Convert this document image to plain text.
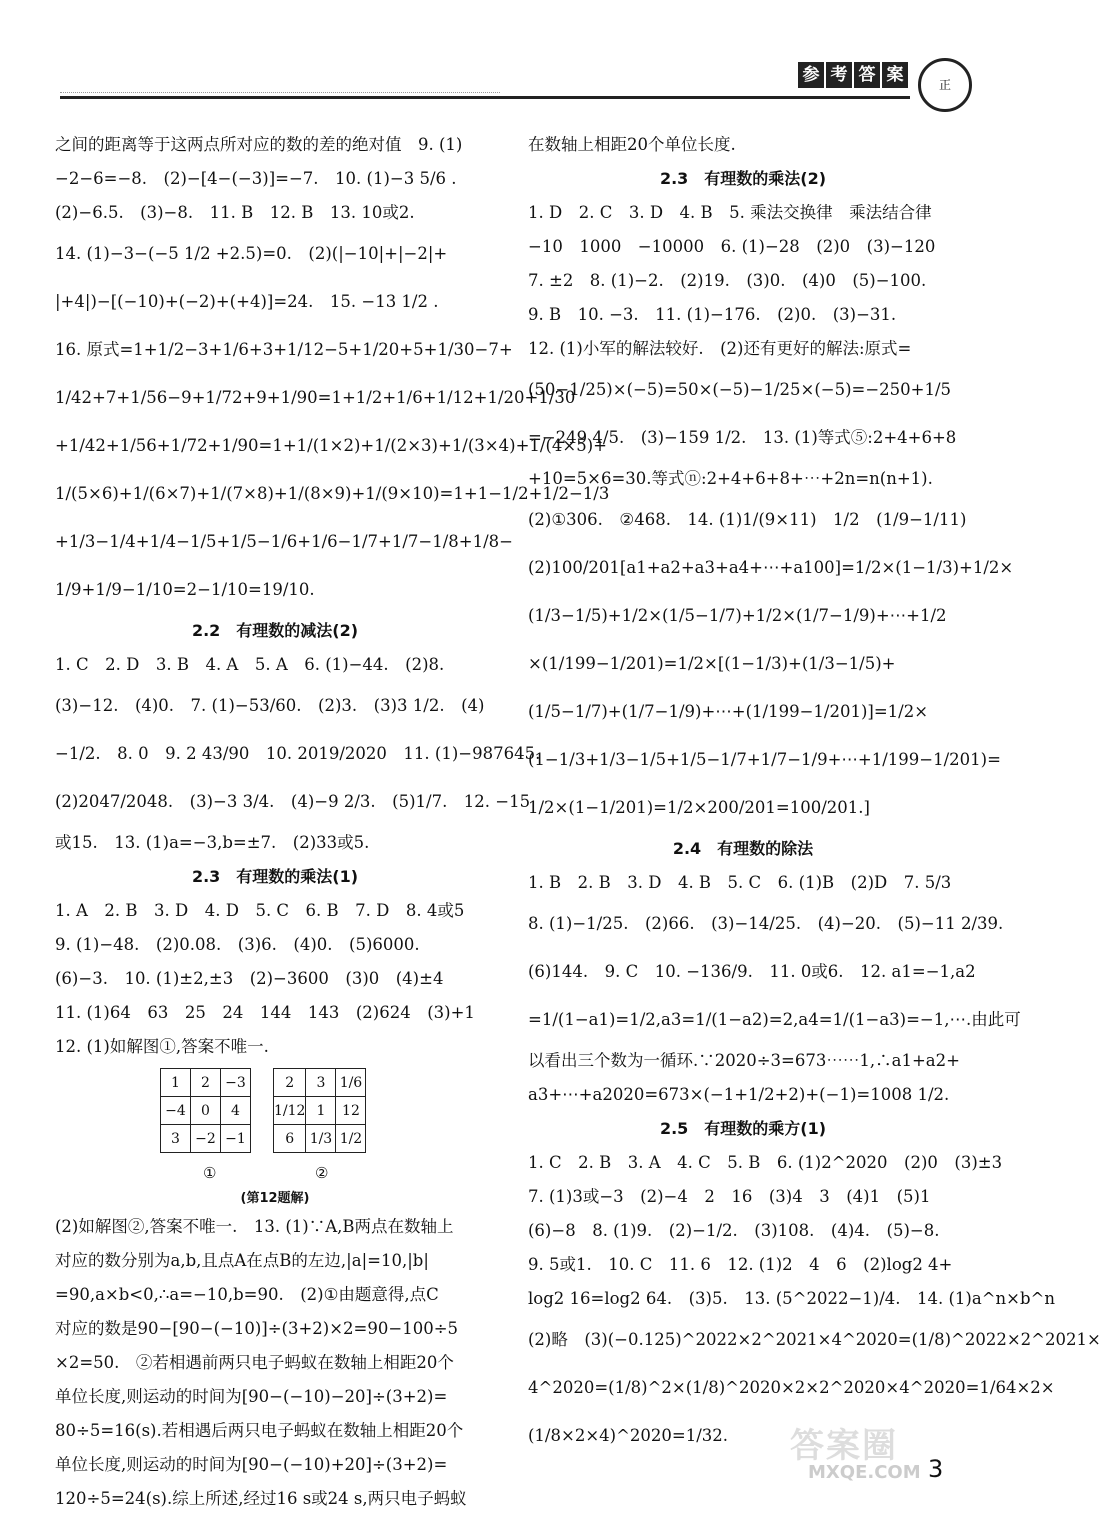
参 考 答 案	正
之间的距离等于这两点所对应的数的差的绝对值　9. (1)
−2−6=−8.　(2)−[4−(−3)]=−7.　10. (1)−3 5/6 .
(2)−6.5.　(3)−8.　11. B　12. B　13. 10或2.
14. (1)−3−(−5 1/2 +2.5)=0.　(2)(|−10|+|−2|+
|+4|)−[(−10)+(−2)+(+4)]=24.　15. −13 1/2 .
16. 原式=1+1/2−3+1/6+3+1/12−5+1/20+5+1/30−7+
1/42+7+1/56−9+1/72+9+1/90=1+1/2+1/6+1/12+1/20+1/30
+1/42+1/56+1/72+1/90=1+1/(1×2)+1/(2×3)+1/(3×4)+1/(4×5)+
1/(5×6)+1/(6×7)+1/(7×8)+1/(8×9)+1/(9×10)=1+1−1/2+1/2−1/3
+1/3−1/4+1/4−1/5+1/5−1/6+1/6−1/7+1/7−1/8+1/8−
1/9+1/9−1/10=2−1/10=19/10.
2.2　有理数的减法(2)
1. C　2. D　3. B　4. A　5. A　6. (1)−44.　(2)8.
(3)−12.　(4)0.　7. (1)−53/60.　(2)3.　(3)3 1/2.　(4)
−1/2.　8. 0　9. 2 43/90　10. 2019/2020　11. (1)−987645.
(2)2047/2048.　(3)−3 3/4.　(4)−9 2/3.　(5)1/7.　12. −15
或15.　13. (1)a=−3,b=±7.　(2)33或5.
2.3　有理数的乘法(1)
1. A　2. B　3. D　4. D　5. C　6. B　7. D　8. 4或5
9. (1)−48.　(2)0.08.　(3)6.　(4)0.　(5)6000.
(6)−3.　10. (1)±2,±3　(2)−3600　(3)0　(4)±4
11. (1)64　63　25　24　144　143　(2)624　(3)+1
12. (1)如解图①,答案不唯一.
1	2	−3
−4	0	4
3	−2	−1
2	3	1/6
1/12	1	12
6	1/3	1/2
①	②
(第12题解)
(2)如解图②,答案不唯一.　13. (1)∵A,B两点在数轴上
对应的数分别为a,b,且点A在点B的左边,|a|=10,|b|
=90,a×b<0,∴a=−10,b=90.　(2)①由题意得,点C
对应的数是90−[90−(−10)]÷(3+2)×2=90−100÷5
×2=50.　②若相遇前两只电子蚂蚁在数轴上相距20个
单位长度,则运动的时间为[90−(−10)−20]÷(3+2)=
80÷5=16(s).若相遇后两只电子蚂蚁在数轴上相距20个
单位长度,则运动的时间为[90−(−10)+20]÷(3+2)=
120÷5=24(s).综上所述,经过16 s或24 s,两只电子蚂蚁
在数轴上相距20个单位长度.
2.3　有理数的乘法(2)
1. D　2. C　3. D　4. B　5. 乘法交换律　乘法结合律
−10　1000　−10000　6. (1)−28　(2)0　(3)−120
7. ±2　8. (1)−2.　(2)19.　(3)0.　(4)0　(5)−100.
9. B　10. −3.　11. (1)−176.　(2)0.　(3)−31.
12. (1)小军的解法较好.　(2)还有更好的解法:原式=
(50−1/25)×(−5)=50×(−5)−1/25×(−5)=−250+1/5
=−249 4/5.　(3)−159 1/2.　13. (1)等式⑤:2+4+6+8
+10=5×6=30.等式ⓝ:2+4+6+8+⋯+2n=n(n+1).
(2)①306.　②468.　14. (1)1/(9×11)　1/2　(1/9−1/11)
(2)100/201[a1+a2+a3+a4+⋯+a100]=1/2×(1−1/3)+1/2×
(1/3−1/5)+1/2×(1/5−1/7)+1/2×(1/7−1/9)+⋯+1/2
×(1/199−1/201)=1/2×[(1−1/3)+(1/3−1/5)+
(1/5−1/7)+(1/7−1/9)+⋯+(1/199−1/201)]=1/2×
(1−1/3+1/3−1/5+1/5−1/7+1/7−1/9+⋯+1/199−1/201)=
1/2×(1−1/201)=1/2×200/201=100/201.]
2.4　有理数的除法
1. B　2. B　3. D　4. B　5. C　6. (1)B　(2)D　7. 5/3
8. (1)−1/25.　(2)66.　(3)−14/25.　(4)−20.　(5)−11 2/39.
(6)144.　9. C　10. −136/9.　11. 0或6.　12. a1=−1,a2
=1/(1−a1)=1/2,a3=1/(1−a2)=2,a4=1/(1−a3)=−1,⋯.由此可
以看出三个数为一循环.∵2020÷3=673⋯⋯1,∴a1+a2+
a3+⋯+a2020=673×(−1+1/2+2)+(−1)=1008 1/2.
2.5　有理数的乘方(1)
1. C　2. B　3. A　4. C　5. B　6. (1)2^2020　(2)0　(3)±3
7. (1)3或−3　(2)−4　2　16　(3)4　3　(4)1　(5)1
(6)−8　8. (1)9.　(2)−1/2.　(3)108.　(4)4.　(5)−8.
9. 5或1.　10. C　11. 6　12. (1)2　4　6　(2)log2 4+
log2 16=log2 64.　(3)5.　13. (5^2022−1)/4.　14. (1)a^n×b^n
(2)略　(3)(−0.125)^2022×2^2021×4^2020=(1/8)^2022×2^2021×
4^2020=(1/8)^2×(1/8)^2020×2×2^2020×4^2020=1/64×2×
(1/8×2×4)^2020=1/32.	答案圈
MXQE.COM 3
